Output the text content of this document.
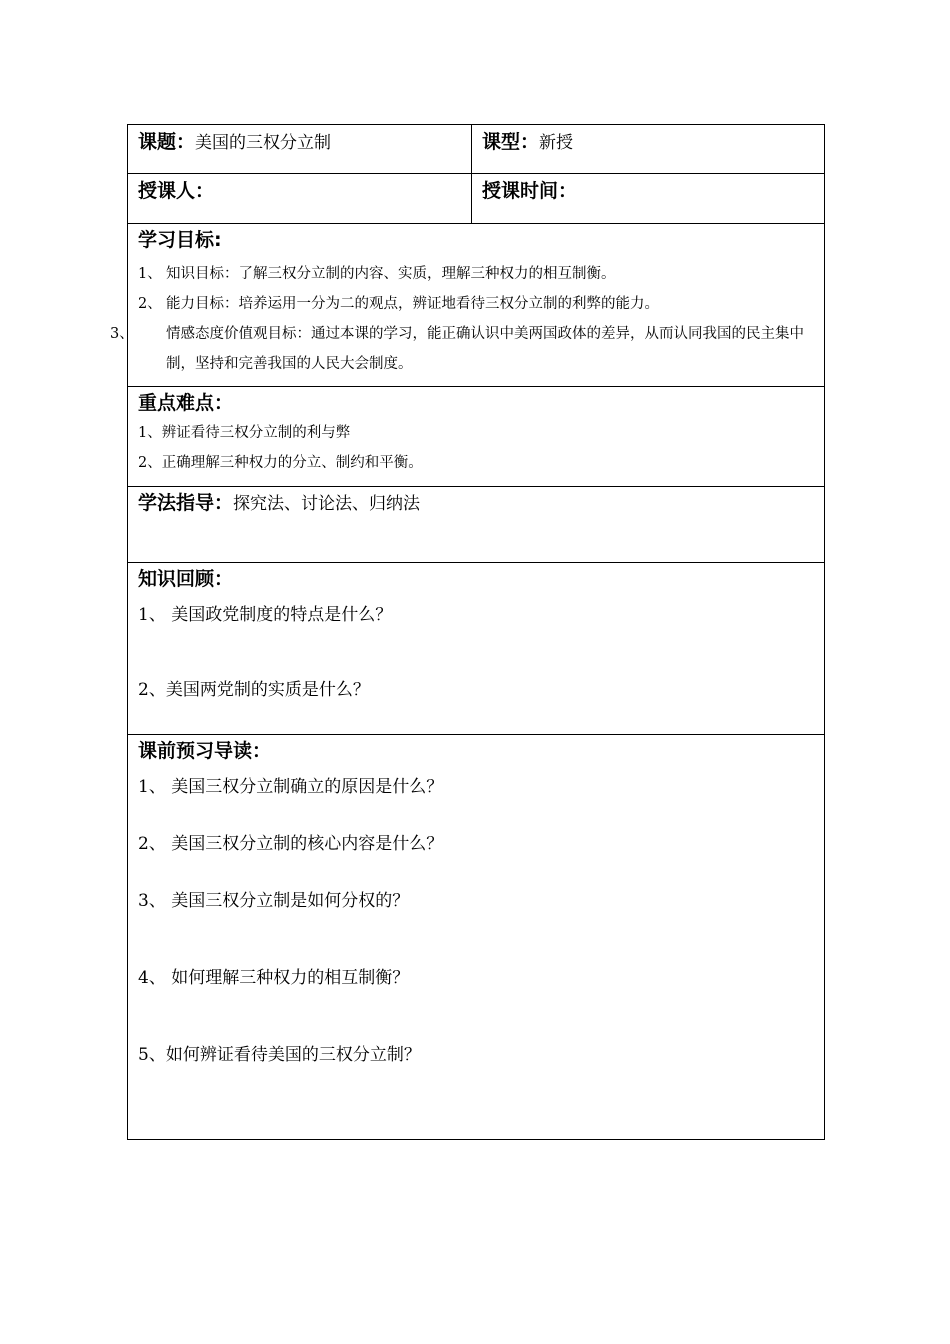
课题：美国的三权分立制	课型：新授
授课人：	授课时间：
学习目标:
1、 知识目标：了解三权分立制的内容、实质，理解三种权力的相互制衡。
2、 能力目标：培养运用一分为二的观点，辨证地看待三权分立制的利弊的能力。
3、 情感态度价值观目标：通过本课的学习，能正确认识中美两国政体的差异，从而认同我国的民主集中制，坚持和完善我国的人民大会制度。
重点难点：
1、辨证看待三权分立制的利与弊
2、正确理解三种权力的分立、制约和平衡。
学法指导：探究法、讨论法、归纳法
知识回顾：
1、 美国政党制度的特点是什么？
2、美国两党制的实质是什么？
课前预习导读：
1、 美国三权分立制确立的原因是什么？
2、 美国三权分立制的核心内容是什么？
3、 美国三权分立制是如何分权的？
4、 如何理解三种权力的相互制衡？
5、如何辨证看待美国的三权分立制？
